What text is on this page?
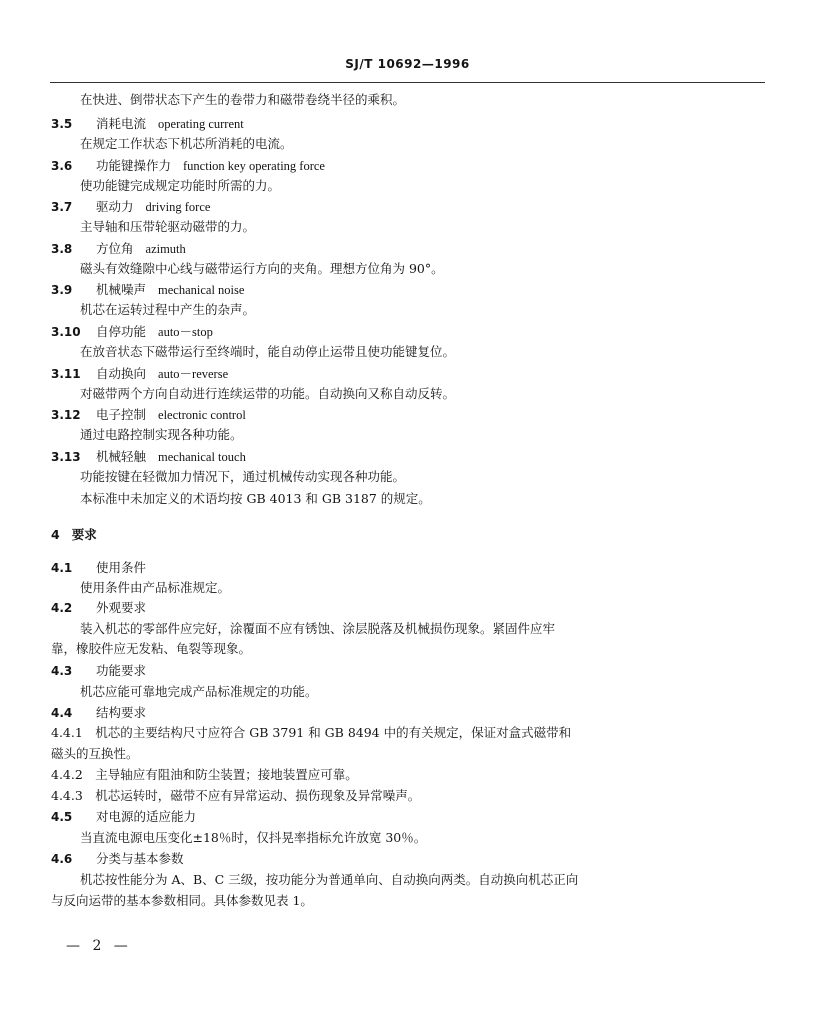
SJ/T 10692—1996
在快进、倒带状态下产生的卷带力和磁带卷绕半径的乘积。
3.5 消耗电流 operating current
在规定工作状态下机芯所消耗的电流。
3.6 功能键操作力 function key operating force
使功能键完成规定功能时所需的力。
3.7 驱动力 driving force
主导轴和压带轮驱动磁带的力。
3.8 方位角 azimuth
磁头有效缝隙中心线与磁带运行方向的夹角。理想方位角为 90°。
3.9 机械噪声 mechanical noise
机芯在运转过程中产生的杂声。
3.10 自停功能 auto－stop
在放音状态下磁带运行至终端时，能自动停止运带且使功能键复位。
3.11 自动换向 auto－reverse
对磁带两个方向自动进行连续运带的功能。自动换向又称自动反转。
3.12 电子控制 electronic control
通过电路控制实现各种功能。
3.13 机械轻触 mechanical touch
功能按键在轻微加力情况下，通过机械传动实现各种功能。
本标准中未加定义的术语均按 GB 4013 和 GB 3187 的规定。
4 要求
4.1 使用条件
使用条件由产品标准规定。
4.2 外观要求
装入机芯的零部件应完好，涂覆面不应有锈蚀、涂层脱落及机械损伤现象。紧固件应牢
靠，橡胶件应无发粘、龟裂等现象。
4.3 功能要求
机芯应能可靠地完成产品标准规定的功能。
4.4 结构要求
4.4.1　机芯的主要结构尺寸应符合 GB 3791 和 GB 8494 中的有关规定，保证对盒式磁带和
磁头的互换性。
4.4.2　主导轴应有阻油和防尘装置；接地装置应可靠。
4.4.3　机芯运转时，磁带不应有异常运动、损伤现象及异常噪声。
4.5 对电源的适应能力
当直流电源电压变化±18％时，仅抖晃率指标允许放宽 30％。
4.6 分类与基本参数
机芯按性能分为 A、B、C 三级，按功能分为普通单向、自动换向两类。自动换向机芯正向
与反向运带的基本参数相同。具体参数见表 1。
— 2 —
